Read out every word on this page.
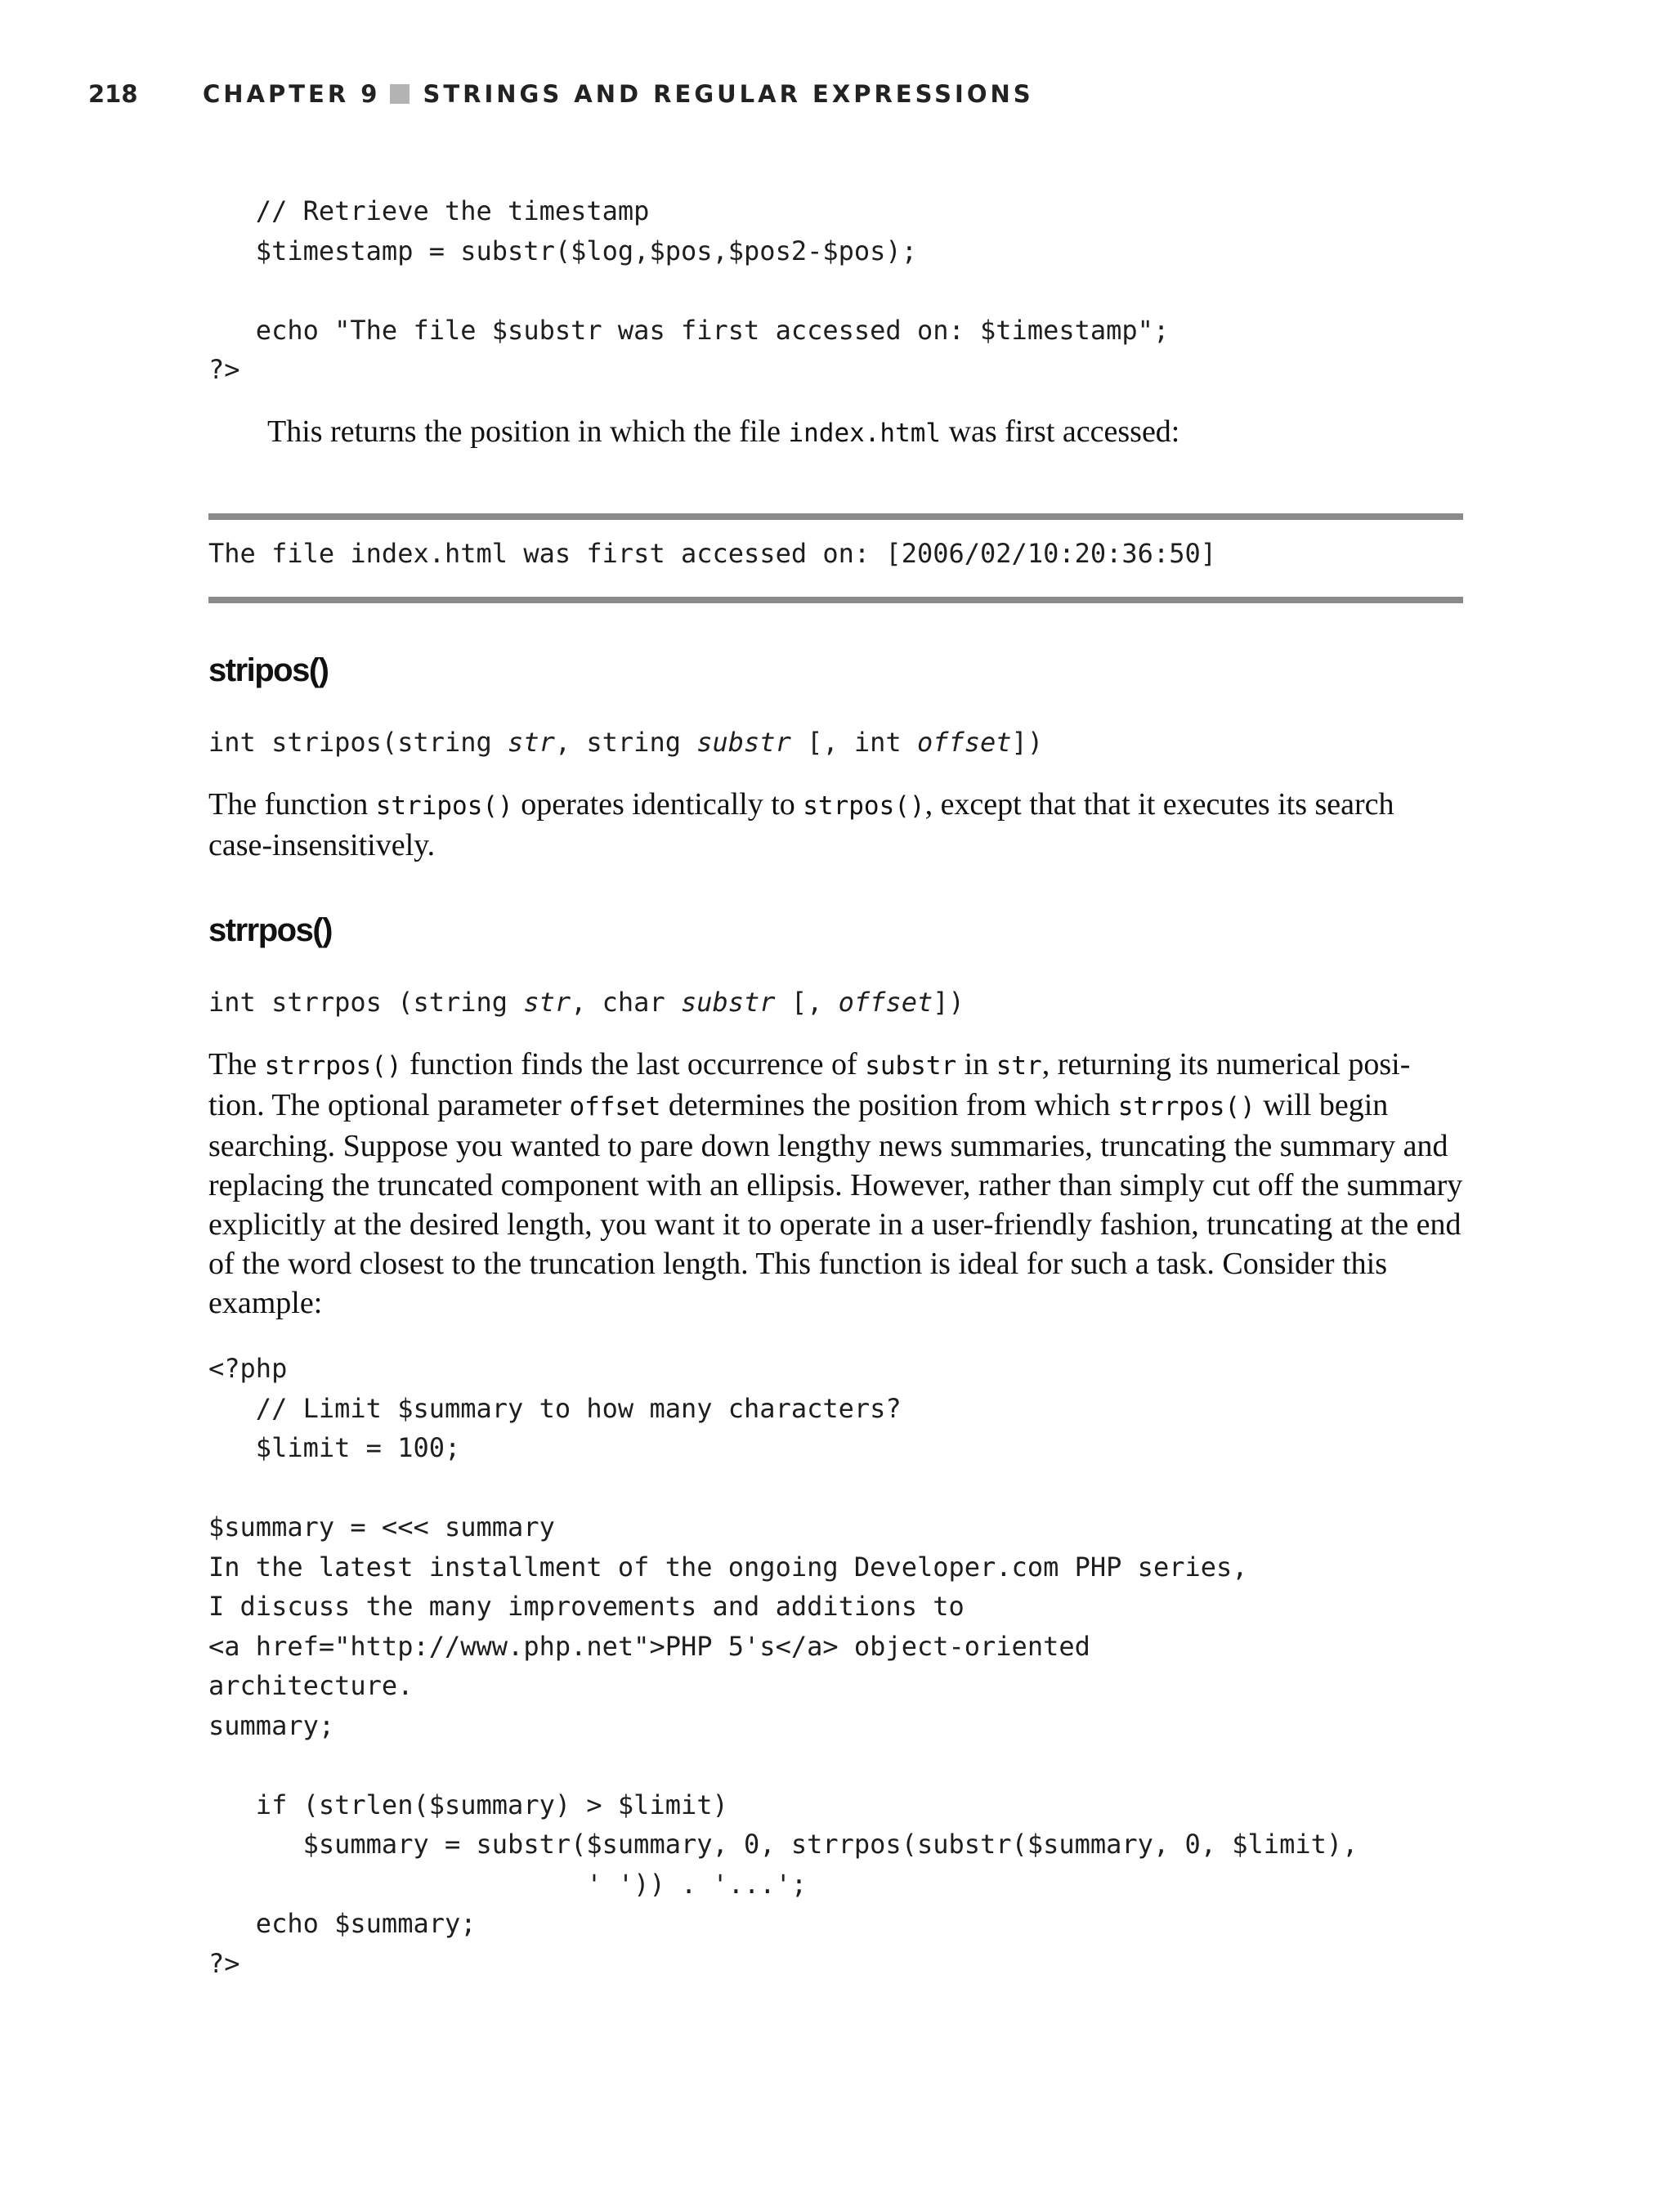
218	CHAPTER 9 STRINGS AND REGULAR EXPRESSIONS
// Retrieve the timestamp
$timestamp = substr($log,$pos,$pos2-$pos);

echo "The file $substr was first accessed on: $timestamp";
?>

This returns the position in which the file index.html was first accessed:

The file index.html was first accessed on: [2006/02/10:20:36:50]
stripos()
int stripos(string str, string substr [, int offset])

The function stripos() operates identically to strpos(), except that that it executes its search case-insensitively.

strrpos()
int strrpos (string str, char substr [, offset])

The strrpos() function finds the last occurrence of substr in str, returning its numerical posi-tion. The optional parameter offset determines the position from which strrpos() will begin searching. Suppose you wanted to pare down lengthy news summaries, truncating the summary and replacing the truncated component with an ellipsis. However, rather than simply cut off the summary explicitly at the desired length, you want it to operate in a user-friendly fashion, truncating at the end of the word closest to the truncation length. This function is ideal for such a task. Consider this example:

<?php
// Limit $summary to how many characters?
$limit = 100;

$summary = <<< summary
In the latest installment of the ongoing Developer.com PHP series,
I discuss the many improvements and additions to
<a href="http://www.php.net">PHP 5's</a> object-oriented
architecture.
summary;

if (strlen($summary) > $limit)
$summary = substr($summary, 0, strrpos(substr($summary, 0, $limit),
' ')) . '...';
echo $summary;
?>
